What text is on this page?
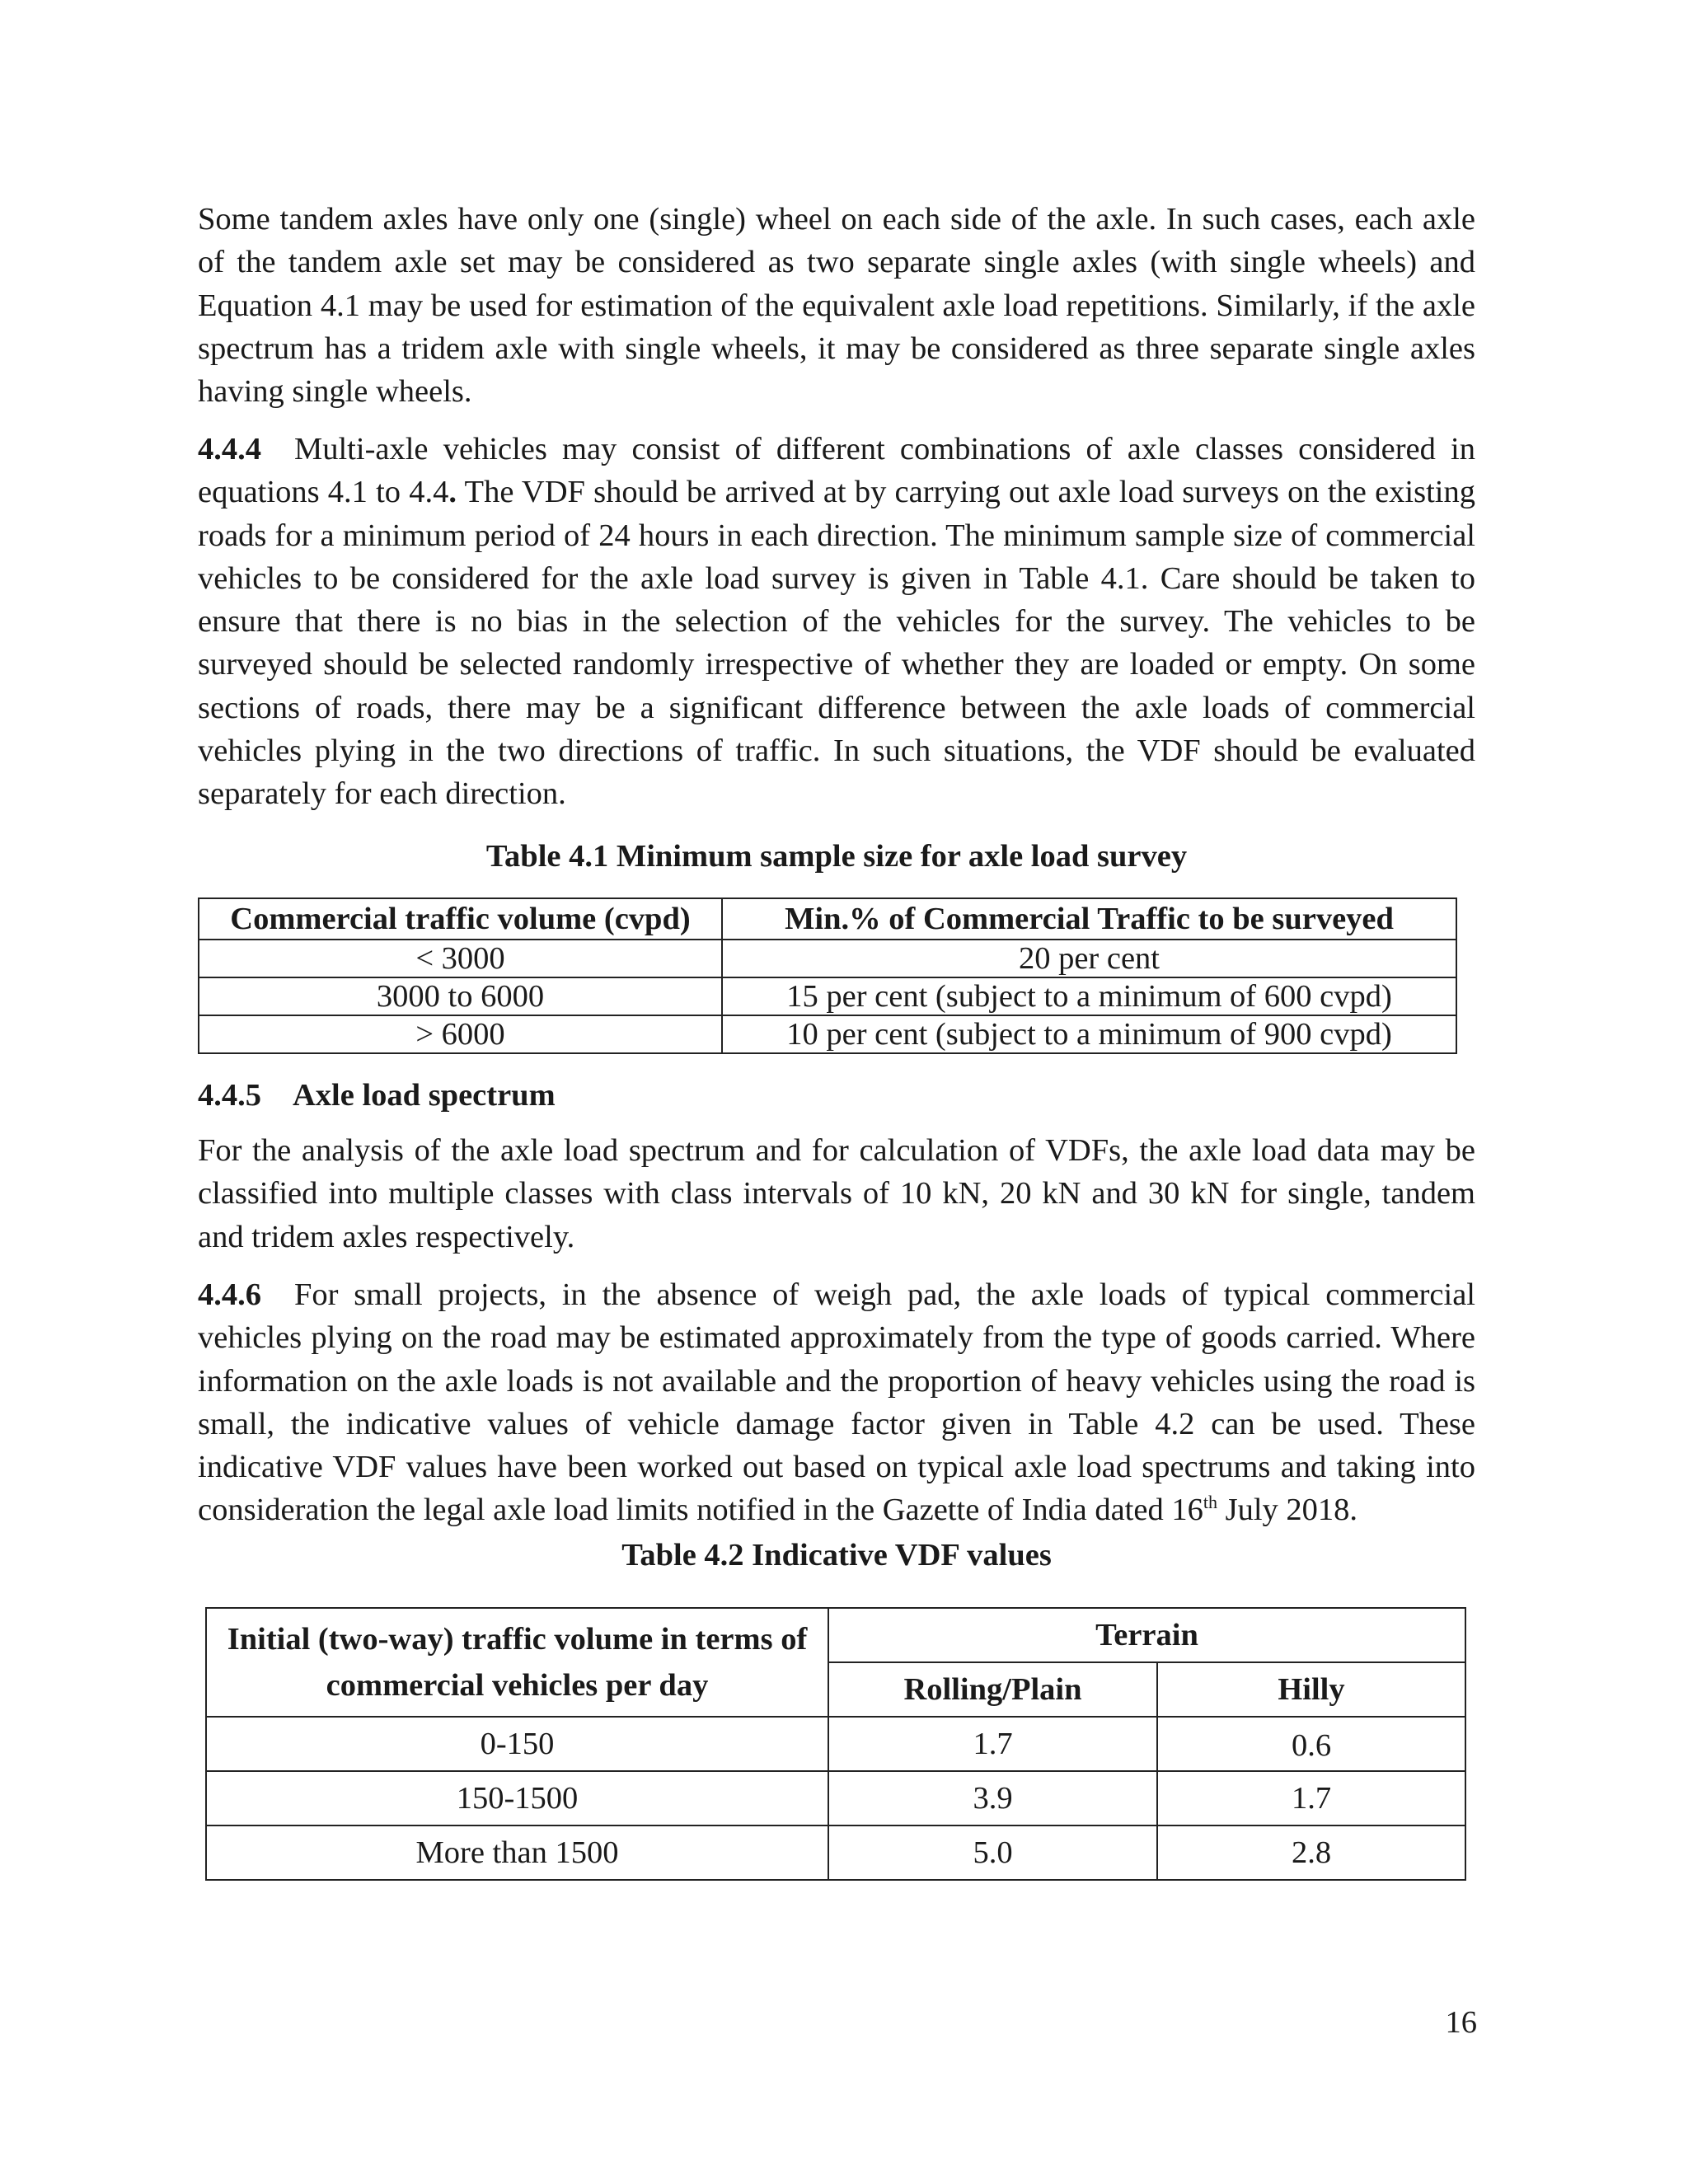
Some tandem axles have only one (single) wheel on each side of the axle. In such cases, each axle of the tandem axle set may be considered as two separate single axles (with single wheels) and Equation 4.1 may be used for estimation of the equivalent axle load repetitions. Similarly, if the axle spectrum has a tridem axle with single wheels, it may be considered as three separate single axles having single wheels.

4.4.4 Multi-axle vehicles may consist of different combinations of axle classes considered in equations 4.1 to 4.4. The VDF should be arrived at by carrying out axle load surveys on the existing roads for a minimum period of 24 hours in each direction. The minimum sample size of commercial vehicles to be considered for the axle load survey is given in Table 4.1. Care should be taken to ensure that there is no bias in the selection of the vehicles for the survey. The vehicles to be surveyed should be selected randomly irrespective of whether they are loaded or empty. On some sections of roads, there may be a significant difference between the axle loads of commercial vehicles plying in the two directions of traffic. In such situations, the VDF should be evaluated separately for each direction.

Table 4.1 Minimum sample size for axle load survey

Commercial traffic volume (cvpd)	Min.% of Commercial Traffic to be surveyed
< 3000	20 per cent
3000 to 6000	15 per cent (subject to a minimum of 600 cvpd)
> 6000	10 per cent (subject to a minimum of 900 cvpd)

4.4.5 Axle load spectrum

For the analysis of the axle load spectrum and for calculation of VDFs, the axle load data may be classified into multiple classes with class intervals of 10 kN, 20 kN and 30 kN for single, tandem and tridem axles respectively.

4.4.6 For small projects, in the absence of weigh pad, the axle loads of typical commercial vehicles plying on the road may be estimated approximately from the type of goods carried. Where information on the axle loads is not available and the proportion of heavy vehicles using the road is small, the indicative values of vehicle damage factor given in Table 4.2 can be used. These indicative VDF values have been worked out based on typical axle load spectrums and taking into consideration the legal axle load limits notified in the Gazette of India dated 16th July 2018.

Table 4.2 Indicative VDF values

Initial (two-way) traffic volume in terms of commercial vehicles per day	Terrain	
	Rolling/Plain	Hilly
0-150	1.7	0.6
150-1500	3.9	1.7
More than 1500	5.0	2.8

16
